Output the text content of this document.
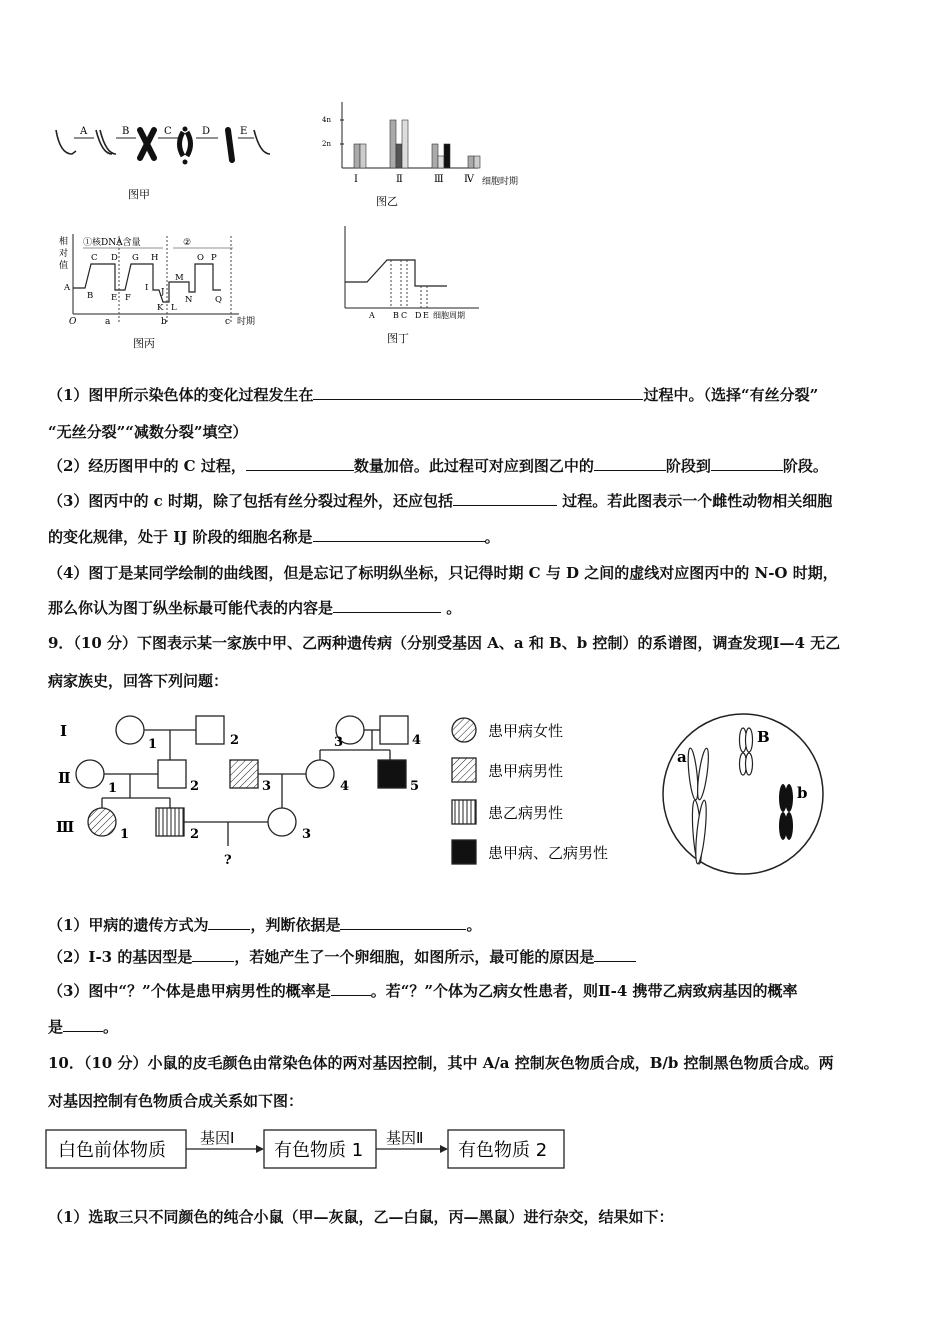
A	B	C	D	E
图甲
4n
2n
Ⅰ	Ⅱ	Ⅲ Ⅳ 细胞时期
图乙
相
对
值
①核DNA含量	②
A
B
C D
E F
G H
I J
K L
M
N
O P
Q
O	a	b	c 时期
图丙
A B C D E 细胞周期
图丁
（1）图甲所示染色体的变化过程发生在	过程中。（选择“有丝分裂”
“无丝分裂”“减数分裂”填空）
（2）经历图甲中的 C 过程，	数量加倍。此过程可对应到图乙中的	阶段到	阶段。
（3）图丙中的 c 时期，除了包括有丝分裂过程外，还应包括	过程。若此图表示一个雌性动物相关细胞
的变化规律，处于 IJ 阶段的细胞名称是	。
（4）图丁是某同学绘制的曲线图，但是忘记了标明纵坐标，只记得时期 C 与 D 之间的虚线对应图丙中的 N-O 时期，
那么你认为图丁纵坐标最可能代表的内容是	。
9．（10 分）下图表示某一家族中甲、乙两种遗传病（分别受基因 A、a 和 B、b 控制）的系谱图，调查发现Ⅰ—4 无乙
病家族史，回答下列问题：
Ⅰ
Ⅱ
Ⅲ
1	2	3	4
1	2	3	4	5
1	2	3
?
患甲病女性
患甲病男性
患乙病男性
患甲病、乙病男性
a
B
b
（1）甲病的遗传方式为	，判断依据是	。
（2）Ⅰ-3 的基因型是	，若她产生了一个卵细胞，如图所示，最可能的原因是
（3）图中“？”个体是患甲病男性的概率是	。若“？”个体为乙病女性患者，则Ⅱ-4 携带乙病致病基因的概率
是	。
10．（10 分）小鼠的皮毛颜色由常染色体的两对基因控制，其中 A/a 控制灰色物质合成，B/b 控制黑色物质合成。两
对基因控制有色物质合成关系如下图：
白色前体物质
基因Ⅰ
有色物质 1
基因Ⅱ
有色物质 2
（1）选取三只不同颜色的纯合小鼠（甲—灰鼠，乙—白鼠，丙—黑鼠）进行杂交，结果如下：
